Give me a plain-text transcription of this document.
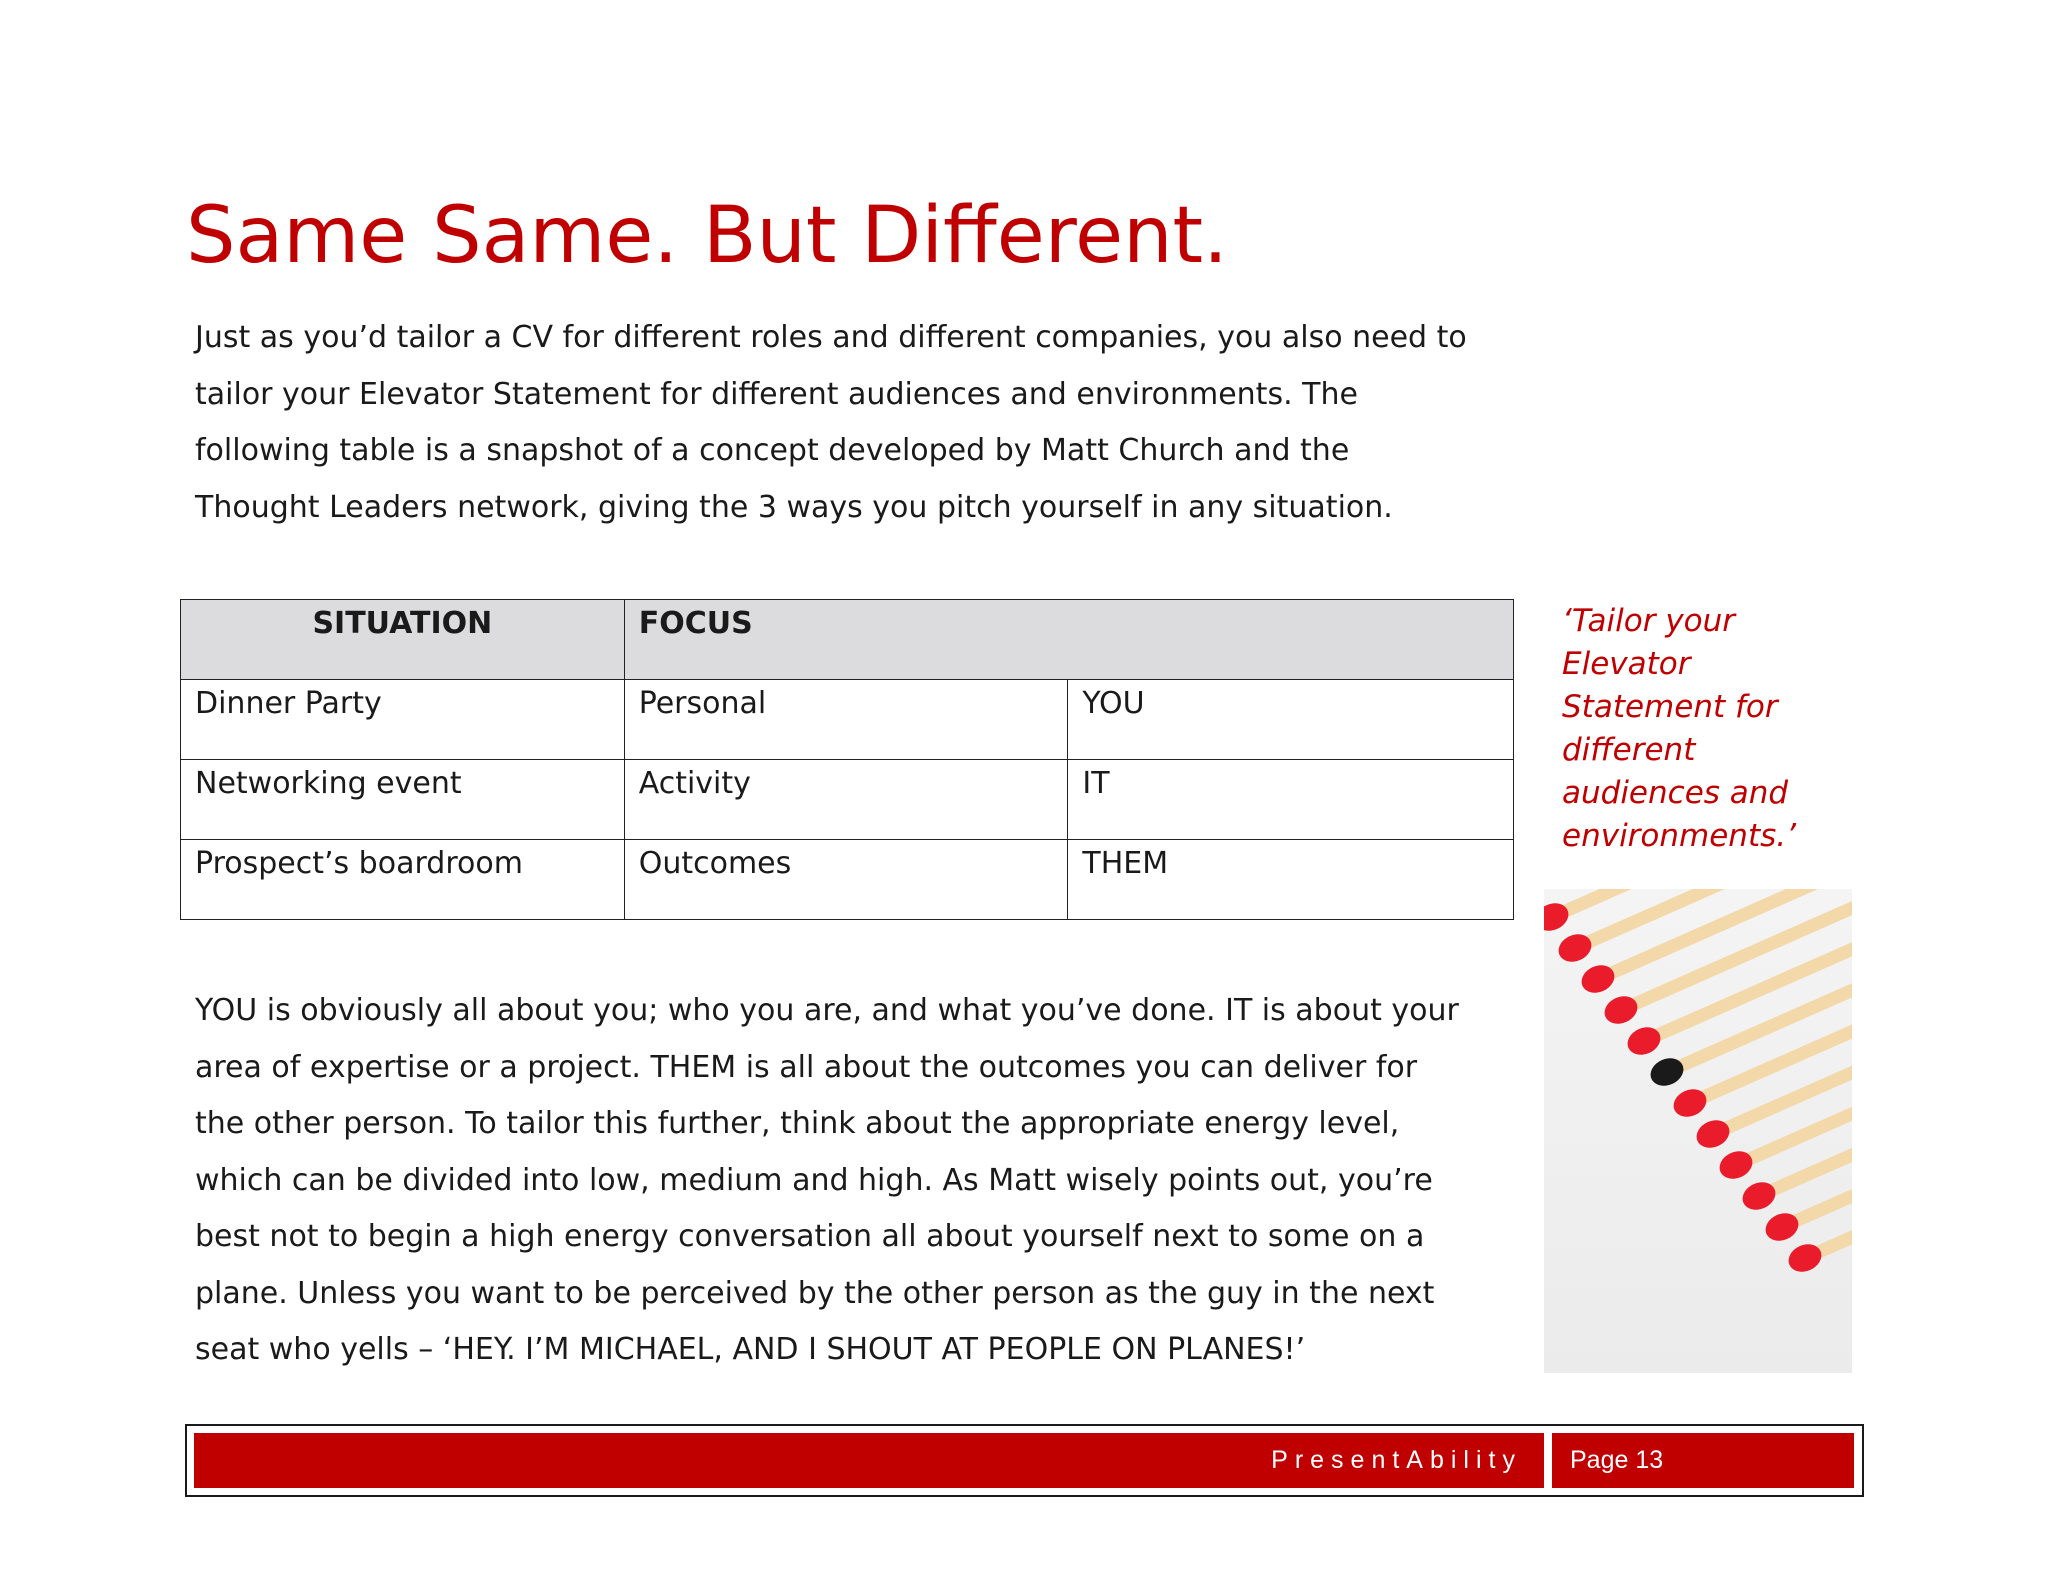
Same Same. But Different.
Just as you’d tailor a CV for different roles and different companies, you also need to
tailor your Elevator Statement for different audiences and environments. The
following table is a snapshot of a concept developed by Matt Church and the
Thought Leaders network, giving the 3 ways you pitch yourself in any situation.
SITUATION	FOCUS	
Dinner Party	Personal	YOU
Networking event	Activity	IT
Prospect’s boardroom	Outcomes	THEM

‘Tailor your Elevator Statement for different audiences and environments.’

PresentAbility	Page 13
YOU is obviously all about you; who you are, and what you’ve done. IT is about your
area of expertise or a project. THEM is all about the outcomes you can deliver for
the other person. To tailor this further, think about the appropriate energy level,
which can be divided into low, medium and high. As Matt wisely points out, you’re
best not to begin a high energy conversation all about yourself next to some on a
plane. Unless you want to be perceived by the other person as the guy in the next
seat who yells – ‘HEY. I’M MICHAEL, AND I SHOUT AT PEOPLE ON PLANES!’
